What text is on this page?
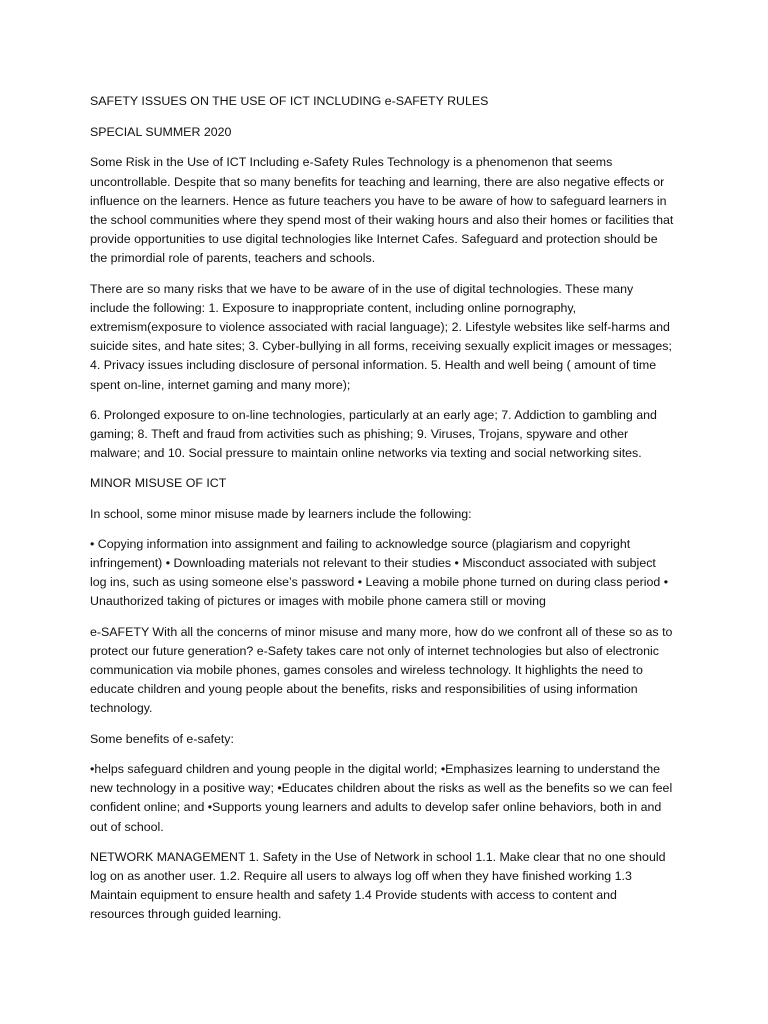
SAFETY ISSUES ON THE USE OF ICT INCLUDING e-SAFETY RULES

SPECIAL SUMMER 2020

Some Risk in the Use of ICT Including e-Safety Rules Technology is a phenomenon that seems uncontrollable. Despite that so many benefits for teaching and learning, there are also negative effects or influence on the learners. Hence as future teachers you have to be aware of how to safeguard learners in the school communities where they spend most of their waking hours and also their homes or facilities that provide opportunities to use digital technologies like Internet Cafes. Safeguard and protection should be the primordial role of parents, teachers and schools.

There are so many risks that we have to be aware of in the use of digital technologies. These many include the following: 1. Exposure to inappropriate content, including online pornography, extremism(exposure to violence associated with racial language); 2. Lifestyle websites like self-harms and suicide sites, and hate sites; 3. Cyber-bullying in all forms, receiving sexually explicit images or messages; 4. Privacy issues including disclosure of personal information. 5. Health and well being ( amount of time spent on-line, internet gaming and many more);

6. Prolonged exposure to on-line technologies, particularly at an early age; 7. Addiction to gambling and gaming; 8. Theft and fraud from activities such as phishing; 9. Viruses, Trojans, spyware and other malware; and 10. Social pressure to maintain online networks via texting and social networking sites.

MINOR MISUSE OF ICT

In school, some minor misuse made by learners include the following:

• Copying information into assignment and failing to acknowledge source (plagiarism and copyright infringement) • Downloading materials not relevant to their studies • Misconduct associated with subject log ins, such as using someone else’s password • Leaving a mobile phone turned on during class period • Unauthorized taking of pictures or images with mobile phone camera still or moving

e-SAFETY With all the concerns of minor misuse and many more, how do we confront all of these so as to protect our future generation? e-Safety takes care not only of internet technologies but also of electronic communication via mobile phones, games consoles and wireless technology. It highlights the need to educate children and young people about the benefits, risks and responsibilities of using information technology.

Some benefits of e-safety:

•helps safeguard children and young people in the digital world; •Emphasizes learning to understand the new technology in a positive way; •Educates children about the risks as well as the benefits so we can feel confident online; and •Supports young learners and adults to develop safer online behaviors, both in and out of school.

NETWORK MANAGEMENT 1. Safety in the Use of Network in school 1.1. Make clear that no one should log on as another user. 1.2. Require all users to always log off when they have finished working 1.3 Maintain equipment to ensure health and safety 1.4 Provide students with access to content and resources through guided learning.
